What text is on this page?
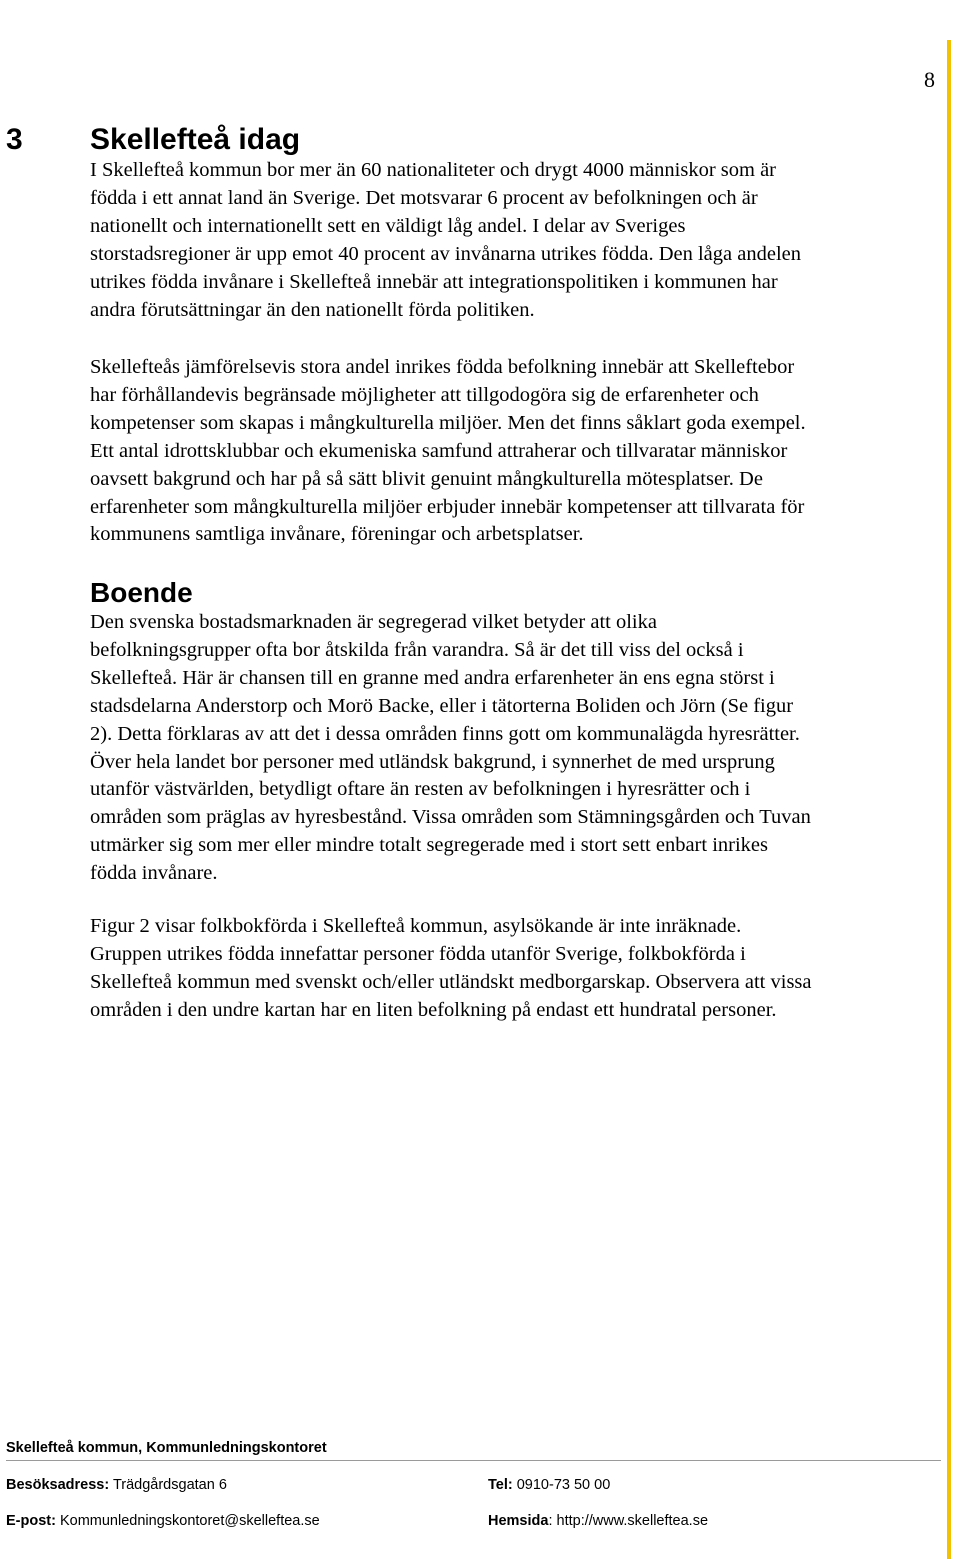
8
3 Skellefteå idag

I Skellefteå kommun bor mer än 60 nationaliteter och drygt 4000 människor som är
födda i ett annat land än Sverige. Det motsvarar 6 procent av befolkningen och är
nationellt och internationellt sett en väldigt låg andel. I delar av Sveriges
storstadsregioner är upp emot 40 procent av invånarna utrikes födda. Den låga andelen
utrikes födda invånare i Skellefteå innebär att integrationspolitiken i kommunen har
andra förutsättningar än den nationellt förda politiken.

Skellefteås jämförelsevis stora andel inrikes födda befolkning innebär att Skelleftebor
har förhållandevis begränsade möjligheter att tillgodogöra sig de erfarenheter och
kompetenser som skapas i mångkulturella miljöer. Men det finns såklart goda exempel.
Ett antal idrottsklubbar och ekumeniska samfund attraherar och tillvaratar människor
oavsett bakgrund och har på så sätt blivit genuint mångkulturella mötesplatser. De
erfarenheter som mångkulturella miljöer erbjuder innebär kompetenser att tillvarata för
kommunens samtliga invånare, föreningar och arbetsplatser.

Boende

Den svenska bostadsmarknaden är segregerad vilket betyder att olika
befolkningsgrupper ofta bor åtskilda från varandra. Så är det till viss del också i
Skellefteå. Här är chansen till en granne med andra erfarenheter än ens egna störst i
stadsdelarna Anderstorp och Morö Backe, eller i tätorterna Boliden och Jörn (Se figur
2). Detta förklaras av att det i dessa områden finns gott om kommunalägda hyresrätter.
Över hela landet bor personer med utländsk bakgrund, i synnerhet de med ursprung
utanför västvärlden, betydligt oftare än resten av befolkningen i hyresrätter och i
områden som präglas av hyresbestånd. Vissa områden som Stämningsgården och Tuvan
utmärker sig som mer eller mindre totalt segregerade med i stort sett enbart inrikes
födda invånare.

Figur 2 visar folkbokförda i Skellefteå kommun, asylsökande är inte inräknade.
Gruppen utrikes födda innefattar personer födda utanför Sverige, folkbokförda i
Skellefteå kommun med svenskt och/eller utländskt medborgarskap. Observera att vissa
områden i den undre kartan har en liten befolkning på endast ett hundratal personer.

Skellefteå kommun, Kommunledningskontoret
Besöksadress: Trädgårdsgatan 6	Tel: 0910-73 50 00
E-post: Kommunledningskontoret@skelleftea.se	Hemsida: http://www.skelleftea.se
